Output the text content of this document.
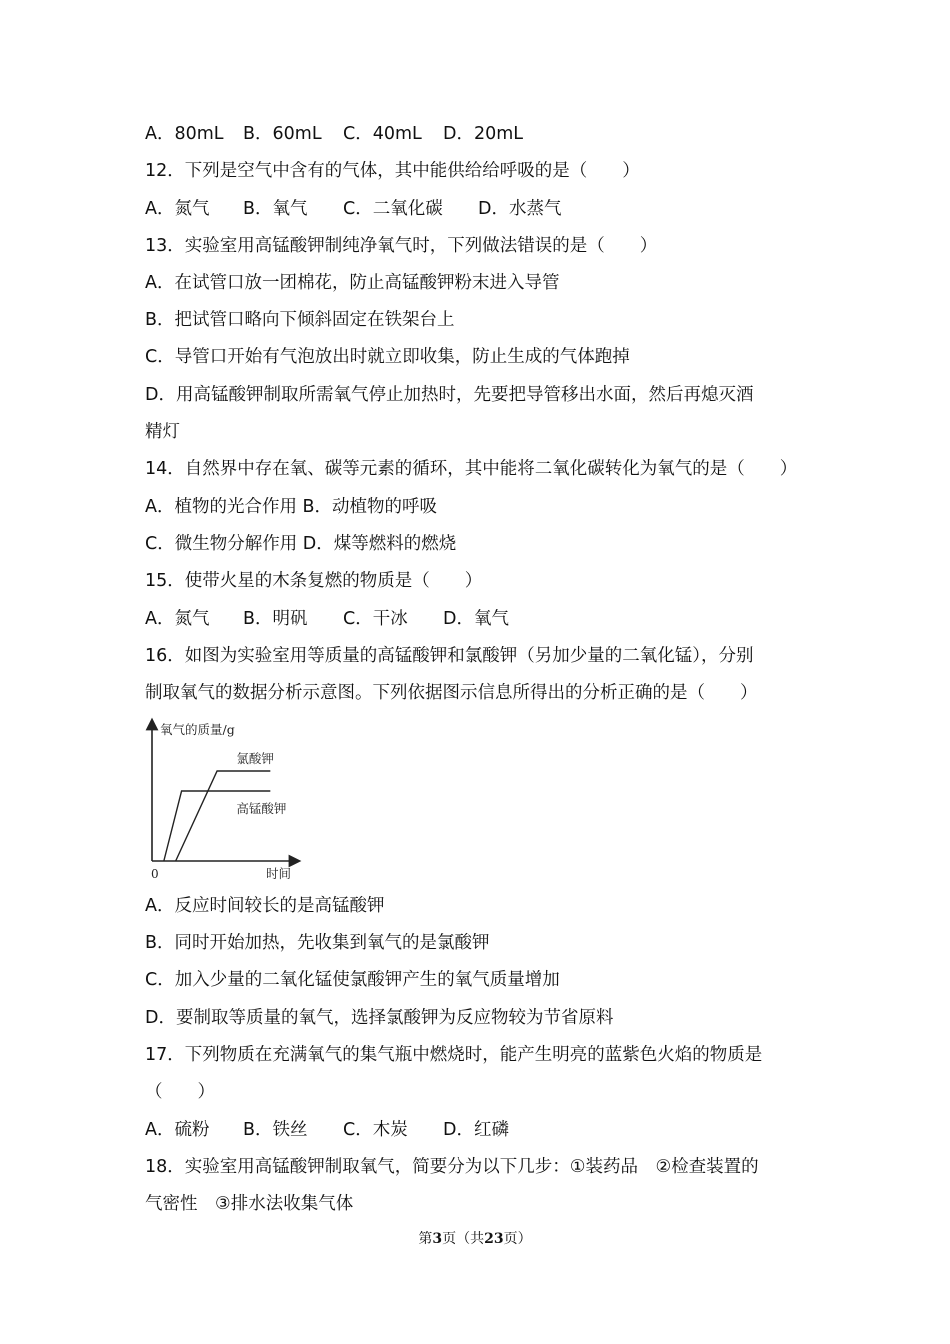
A．80mL B．60mL C．40mL D．20mL
12．下列是空气中含有的气体，其中能供给给呼吸的是（　　）
A．氮气 B．氧气 C．二氧化碳 D．水蒸气
13．实验室用高锰酸钾制纯净氧气时，下列做法错误的是（　　）
A．在试管口放一团棉花，防止高锰酸钾粉末进入导管
B．把试管口略向下倾斜固定在铁架台上
C．导管口开始有气泡放出时就立即收集，防止生成的气体跑掉
D．用高锰酸钾制取所需氧气停止加热时，先要把导管移出水面，然后再熄灭酒
精灯
14．自然界中存在氧、碳等元素的循环，其中能将二氧化碳转化为氧气的是（　　）
A．植物的光合作用 B．动植物的呼吸
C．微生物分解作用 D．煤等燃料的燃烧
15．使带火星的木条复燃的物质是（　　）
A．氮气 B．明矾 C．干冰 D．氧气
16．如图为实验室用等质量的高锰酸钾和氯酸钾（另加少量的二氧化锰），分别
制取氧气的数据分析示意图。下列依据图示信息所得出的分析正确的是（　　）
氧气的质量/g
时间
0
氯酸钾
高锰酸钾
A．反应时间较长的是高锰酸钾
B．同时开始加热，先收集到氧气的是氯酸钾
C．加入少量的二氧化锰使氯酸钾产生的氧气质量增加
D．要制取等质量的氧气，选择氯酸钾为反应物较为节省原料
17．下列物质在充满氧气的集气瓶中燃烧时，能产生明亮的蓝紫色火焰的物质是
（　　）
A．硫粉 B．铁丝 C．木炭 D．红磷
18．实验室用高锰酸钾制取氧气，简要分为以下几步：①装药品　②检查装置的
气密性　③排水法收集气体
第3页（共23页）
